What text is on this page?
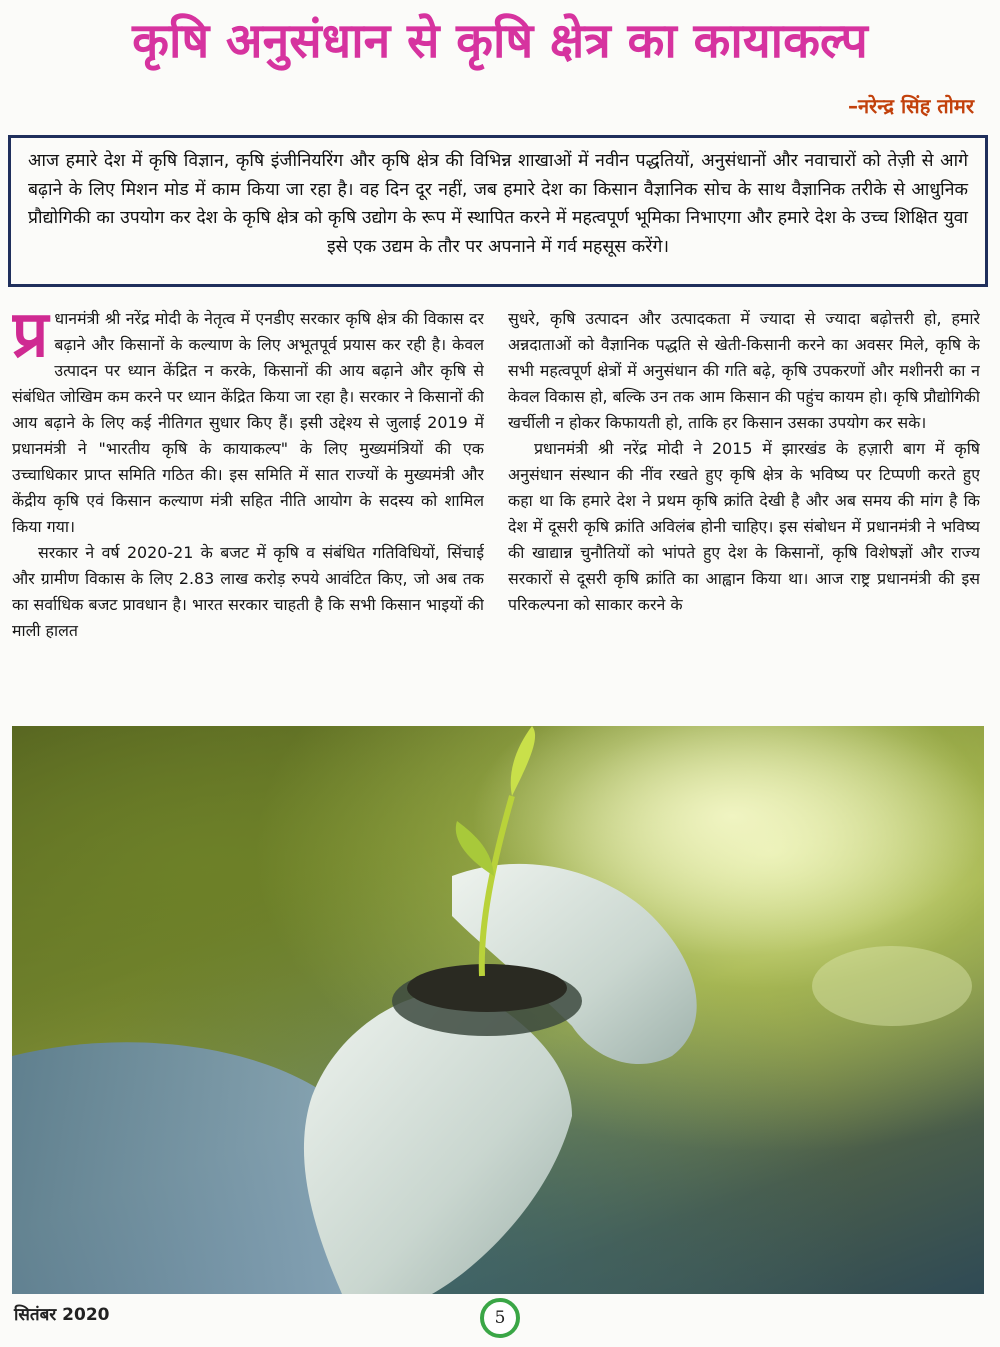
कृषि अनुसंधान से कृषि क्षेत्र का कायाकल्प
–नरेन्द्र सिंह तोमर

आज हमारे देश में कृषि विज्ञान, कृषि इंजीनियरिंग और कृषि क्षेत्र की विभिन्न शाखाओं में नवीन पद्धतियों, अनुसंधानों और नवाचारों को तेज़ी से आगे बढ़ाने के लिए मिशन मोड में काम किया जा रहा है। वह दिन दूर नहीं, जब हमारे देश का किसान वैज्ञानिक सोच के साथ वैज्ञानिक तरीके से आधुनिक प्रौद्योगिकी का उपयोग कर देश के कृषि क्षेत्र को कृषि उद्योग के रूप में स्थापित करने में महत्वपूर्ण भूमिका निभाएगा और हमारे देश के उच्च शिक्षित युवा इसे एक उद्यम के तौर पर अपनाने में गर्व महसूस करेंगे।

प्र धानमंत्री श्री नरेंद्र मोदी के नेतृत्व में एनडीए सरकार कृषि क्षेत्र की विकास दर बढ़ाने और किसानों के कल्याण के लिए अभूतपूर्व प्रयास कर रही है। केवल उत्पादन पर ध्यान केंद्रित न करके, किसानों की आय बढ़ाने और कृषि से संबंधित जोखिम कम करने पर ध्यान केंद्रित किया जा रहा है। सरकार ने किसानों की आय बढ़ाने के लिए कई नीतिगत सुधार किए हैं। इसी उद्देश्य से जुलाई 2019 में प्रधानमंत्री ने "भारतीय कृषि के कायाकल्प" के लिए मुख्यमंत्रियों की एक उच्चाधिकार प्राप्त समिति गठित की। इस समिति में सात राज्यों के मुख्यमंत्री और केंद्रीय कृषि एवं किसान कल्याण मंत्री सहित नीति आयोग के सदस्य को शामिल किया गया।

सरकार ने वर्ष 2020-21 के बजट में कृषि व संबंधित गतिविधियों, सिंचाई और ग्रामीण विकास के लिए 2.83 लाख करोड़ रुपये आवंटित किए, जो अब तक का सर्वाधिक बजट प्रावधान है। भारत सरकार चाहती है कि सभी किसान भाइयों की माली हालत

सुधरे, कृषि उत्पादन और उत्पादकता में ज्यादा से ज्यादा बढ़ोत्तरी हो, हमारे अन्नदाताओं को वैज्ञानिक पद्धति से खेती-किसानी करने का अवसर मिले, कृषि के सभी महत्वपूर्ण क्षेत्रों में अनुसंधान की गति बढ़े, कृषि उपकरणों और मशीनरी का न केवल विकास हो, बल्कि उन तक आम किसान की पहुंच कायम हो। कृषि प्रौद्योगिकी खर्चीली न होकर किफायती हो, ताकि हर किसान उसका उपयोग कर सके।

प्रधानमंत्री श्री नरेंद्र मोदी ने 2015 में झारखंड के हज़ारी बाग में कृषि अनुसंधान संस्थान की नींव रखते हुए कृषि क्षेत्र के भविष्य पर टिप्पणी करते हुए कहा था कि हमारे देश ने प्रथम कृषि क्रांति देखी है और अब समय की मांग है कि देश में दूसरी कृषि क्रांति अविलंब होनी चाहिए। इस संबोधन में प्रधानमंत्री ने भविष्य की खाद्यान्न चुनौतियों को भांपते हुए देश के किसानों, कृषि विशेषज्ञों और राज्य सरकारों से दूसरी कृषि क्रांति का आह्वान किया था। आज राष्ट्र प्रधानमंत्री की इस परिकल्पना को साकार करने के

सितंबर 2020	5
